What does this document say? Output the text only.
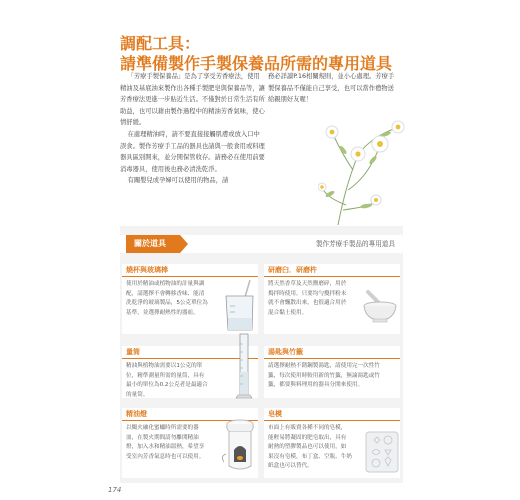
調配工具：
請準備製作手製保養品所需的專用道具

「芳療手製保養品」是為了享受芳香療法，使用精油及基底油來製作出各種手製肥皂與保養品等，讓芳香療法更進一步貼近生活。不僅對於日常生活有所助益，也可以藉由製作過程中的精油芳香氣味，使心情舒緩。

在處理精油時，請不要直接接觸肌膚或放入口中誤食。製作芳療手工品的器具也請與一般食用或料理器具區別開來，並分開保管收存。請務必在使用前要消毒器具，使用後也務必清洗乾淨。

有關嬰兒或孕婦可以使用的物品，請

務必詳讀P.16相關規則，並小心處理。芳療手製保養品不僅能自己享受，也可以當作禮物送給親朋好友喔！

關於道具	製作芳療手製品的專用道具
燒杯與玻璃棒
使用於精油或植物油的計量與調
配，請選擇不會轉移香味、能清
洗乾淨的玻璃製品，5公克單位為
基準，並選擇耐熱性的器皿。
研磨臼．研磨杵
將天然香草及天然鹽磨碎，用於
搗拌時使用。只要均勻攪拌粉末
就不會飄散出來，也很適合用於
混合黏土使用。
量筒
精油與植物油需要以1公克的單
位，精準測量所需的量筒，具有
最小的單位為0.2公克者是最適合
的量筒。
湯匙與竹籤
請選擇耐熱不銹鋼製湯匙，請使用完一次性竹
籤，每次使用時較用新的竹籤，無論湯匙或竹
籤，都要與料理用的器具分開來使用。
精油燈
以燭火融化蜜蠟時所需要的器
皿，在製火期間請勿離開精油
燈，加入水和精油溫熱，希望享
受室內芳香氣息時也可以使用。
皂模
市面上有販賣各種不同的皂模，
能輕易將凝固的肥皂取出，具有
耐熱的塑膠製品也可以使用，如
果沒有皂模，布丁盒、空瓶、牛奶
紙盒也可以替代。
174
